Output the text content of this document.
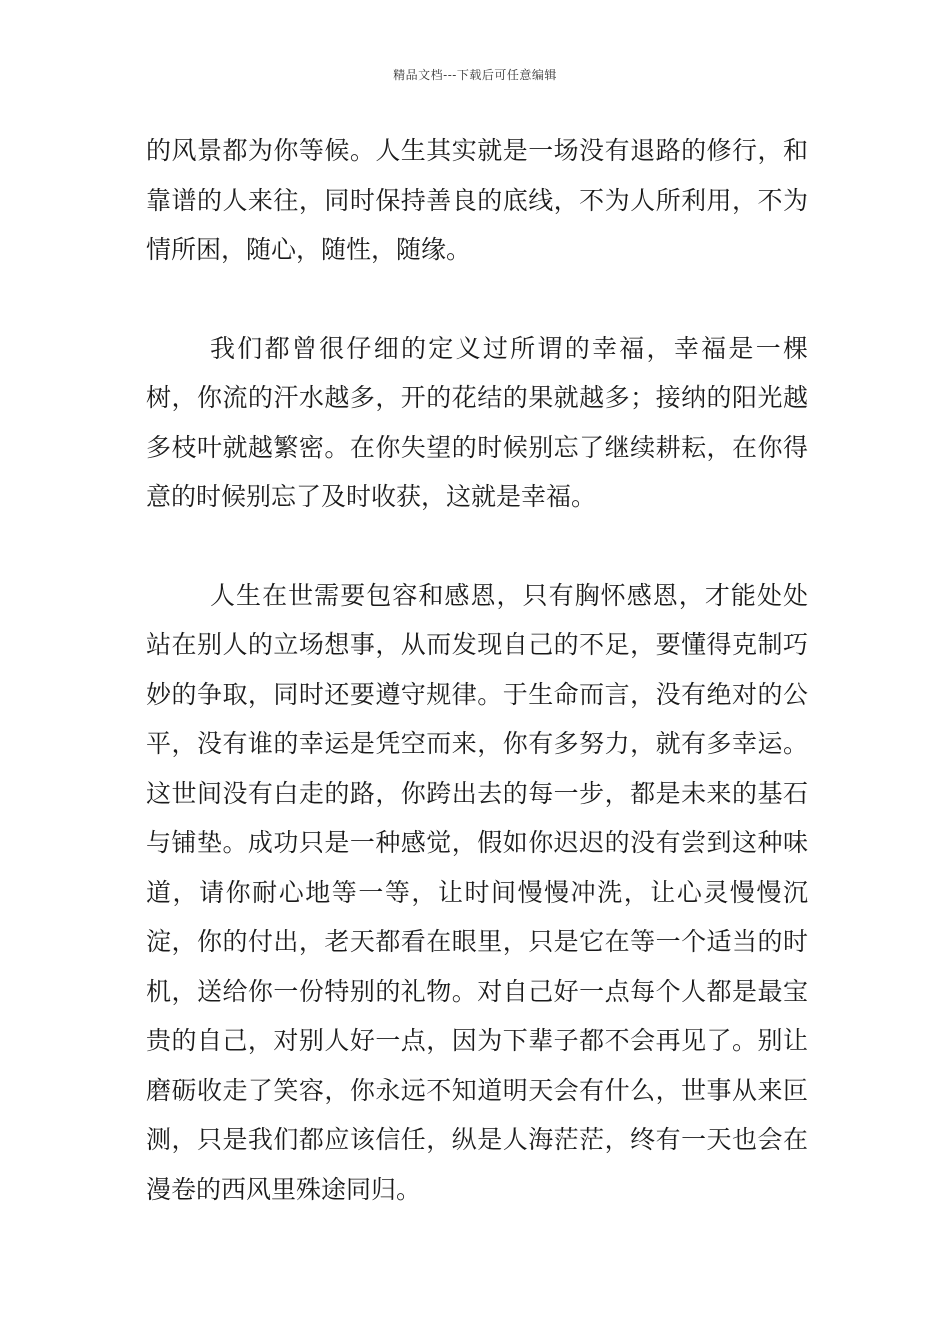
精品文档---下载后可任意编辑

的风景都为你等候。人生其实就是一场没有退路的修行，和靠谱的人来往，同时保持善良的底线，不为人所利用，不为情所困，随心，随性，随缘。

我们都曾很仔细的定义过所谓的幸福，幸福是一棵树，你流的汗水越多，开的花结的果就越多；接纳的阳光越多枝叶就越繁密。在你失望的时候别忘了继续耕耘，在你得意的时候别忘了及时收获，这就是幸福。

人生在世需要包容和感恩，只有胸怀感恩，才能处处站在别人的立场想事，从而发现自己的不足，要懂得克制巧妙的争取，同时还要遵守规律。于生命而言，没有绝对的公平，没有谁的幸运是凭空而来，你有多努力，就有多幸运。这世间没有白走的路，你跨出去的每一步，都是未来的基石与铺垫。成功只是一种感觉，假如你迟迟的没有尝到这种味道，请你耐心地等一等，让时间慢慢冲洗，让心灵慢慢沉淀，你的付出，老天都看在眼里，只是它在等一个适当的时机，送给你一份特别的礼物。对自己好一点每个人都是最宝贵的自己，对别人好一点，因为下辈子都不会再见了。别让磨砺收走了笑容，你永远不知道明天会有什么，世事从来叵测，只是我们都应该信任，纵是人海茫茫，终有一天也会在漫卷的西风里殊途同归。
